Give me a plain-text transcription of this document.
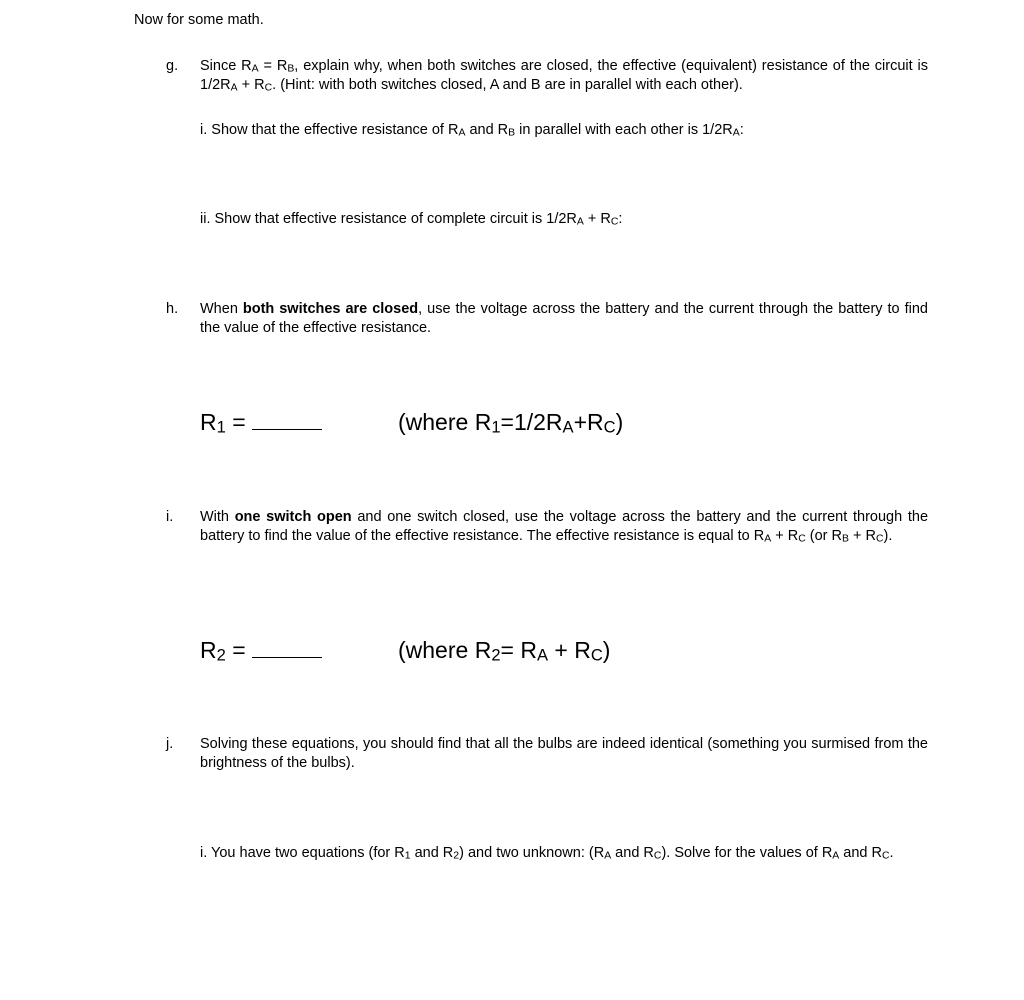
Now for some math.
g. Since $R_A = R_B$, explain why, when both switches are closed, the effective (equivalent) resistance of the circuit is $1/2R_A + R_C$. (Hint: with both switches closed, A and B are in parallel with each other).
i. Show that the effective resistance of $R_A$ and $R_B$ in parallel with each other is $1/2R_A$:
ii. Show that effective resistance of complete circuit is $1/2R_A + R_C$:
h. When both switches are closed, use the voltage across the battery and the current through the battery to find the value of the effective resistance.
$R_1$ =	(where $R_1=1/2R_A+R_C$)
i. With one switch open and one switch closed, use the voltage across the battery and the current through the battery to find the value of the effective resistance. The effective resistance is equal to $R_A + R_C$ (or $R_B + R_C$).
$R_2$ =	(where $R_2= R_A + R_C$)
j. Solving these equations, you should find that all the bulbs are indeed identical (something you surmised from the brightness of the bulbs).
i. You have two equations (for $R_1$ and $R_2$) and two unknown: ($R_A$ and $R_C$). Solve for the values of $R_A$ and $R_C$.
